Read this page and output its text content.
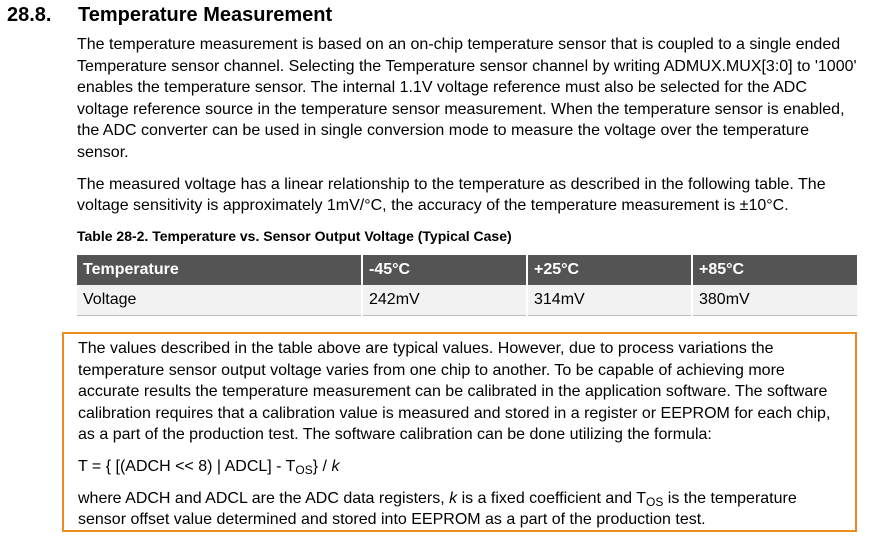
28.8. Temperature Measurement

The temperature measurement is based on an on-chip temperature sensor that is coupled to a single ended Temperature sensor channel. Selecting the Temperature sensor channel by writing ADMUX.MUX[3:0] to '1000' enables the temperature sensor. The internal 1.1V voltage reference must also be selected for the ADC voltage reference source in the temperature sensor measurement. When the temperature sensor is enabled, the ADC converter can be used in single conversion mode to measure the voltage over the temperature sensor.

The measured voltage has a linear relationship to the temperature as described in the following table. The voltage sensitivity is approximately 1mV/°C, the accuracy of the temperature measurement is ±10°C.

Table 28-2. Temperature vs. Sensor Output Voltage (Typical Case)
Temperature	-45°C	+25°C	+85°C
Voltage	242mV	314mV	380mV

The values described in the table above are typical values. However, due to process variations the temperature sensor output voltage varies from one chip to another. To be capable of achieving more accurate results the temperature measurement can be calibrated in the application software. The software calibration requires that a calibration value is measured and stored in a register or EEPROM for each chip, as a part of the production test. The software calibration can be done utilizing the formula:

T = { [(ADCH << 8) | ADCL] - $T_{OS}$} / k

where ADCH and ADCL are the ADC data registers, k is a fixed coefficient and $T_{OS}$ is the temperature sensor offset value determined and stored into EEPROM as a part of the production test.
